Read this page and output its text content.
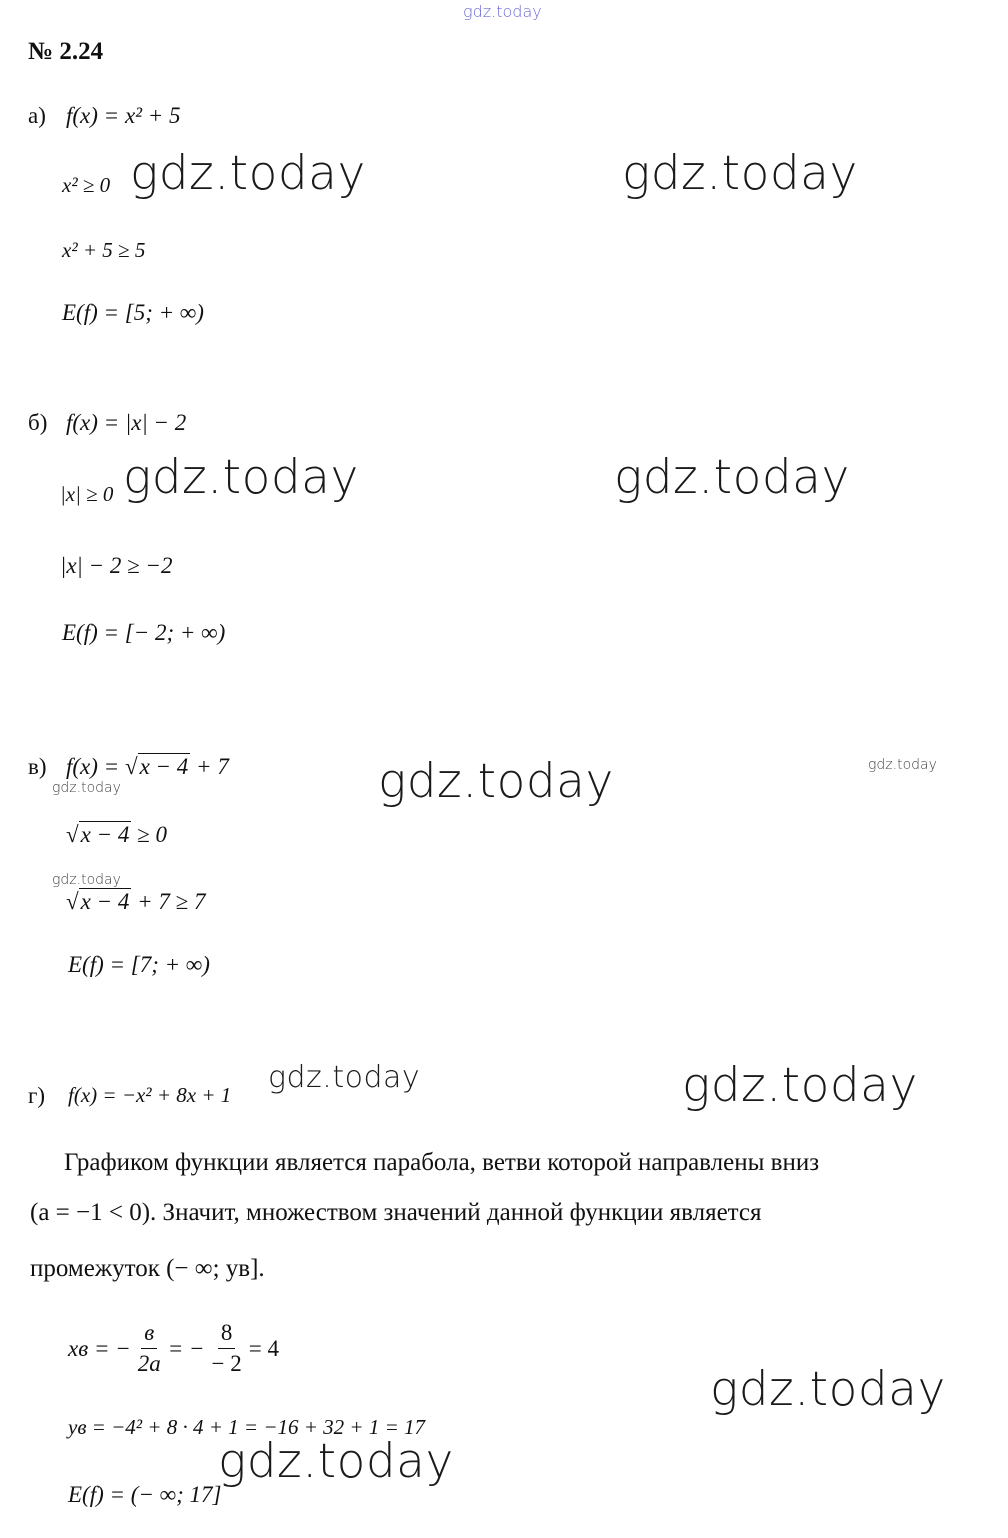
gdz.today
№ 2.24
а) f(x) = x² + 5
x² ≥ 0 gdz.today	gdz.today
x² + 5 ≥ 5
E(f) = [5; + ∞)
б) f(x) = |x| − 2
|x| ≥ 0 gdz.today	gdz.today
|x| − 2 ≥ −2
E(f) = [− 2; + ∞)
в) f(x) = √x − 4 + 7
gdz.today	gdz.today	gdz.today
√x − 4 ≥ 0
gdz.today
√x − 4 + 7 ≥ 7
E(f) = [7; + ∞)
г) f(x) = −x² + 8x + 1 gdz.today	gdz.today
Графиком функции является парабола, ветви которой направлены вниз
(a = −1 < 0). Значит, множеством значений данной функции является
промежуток (− ∞; yв].
xв = − $\frac{в}{2a}$ = − $\frac{8}{- 2} = 4$
gdz.today
yв = −4² + 8 · 4 + 1 = −16 + 32 + 1 = 17
gdz.today
E(f) = (− ∞; 17]
